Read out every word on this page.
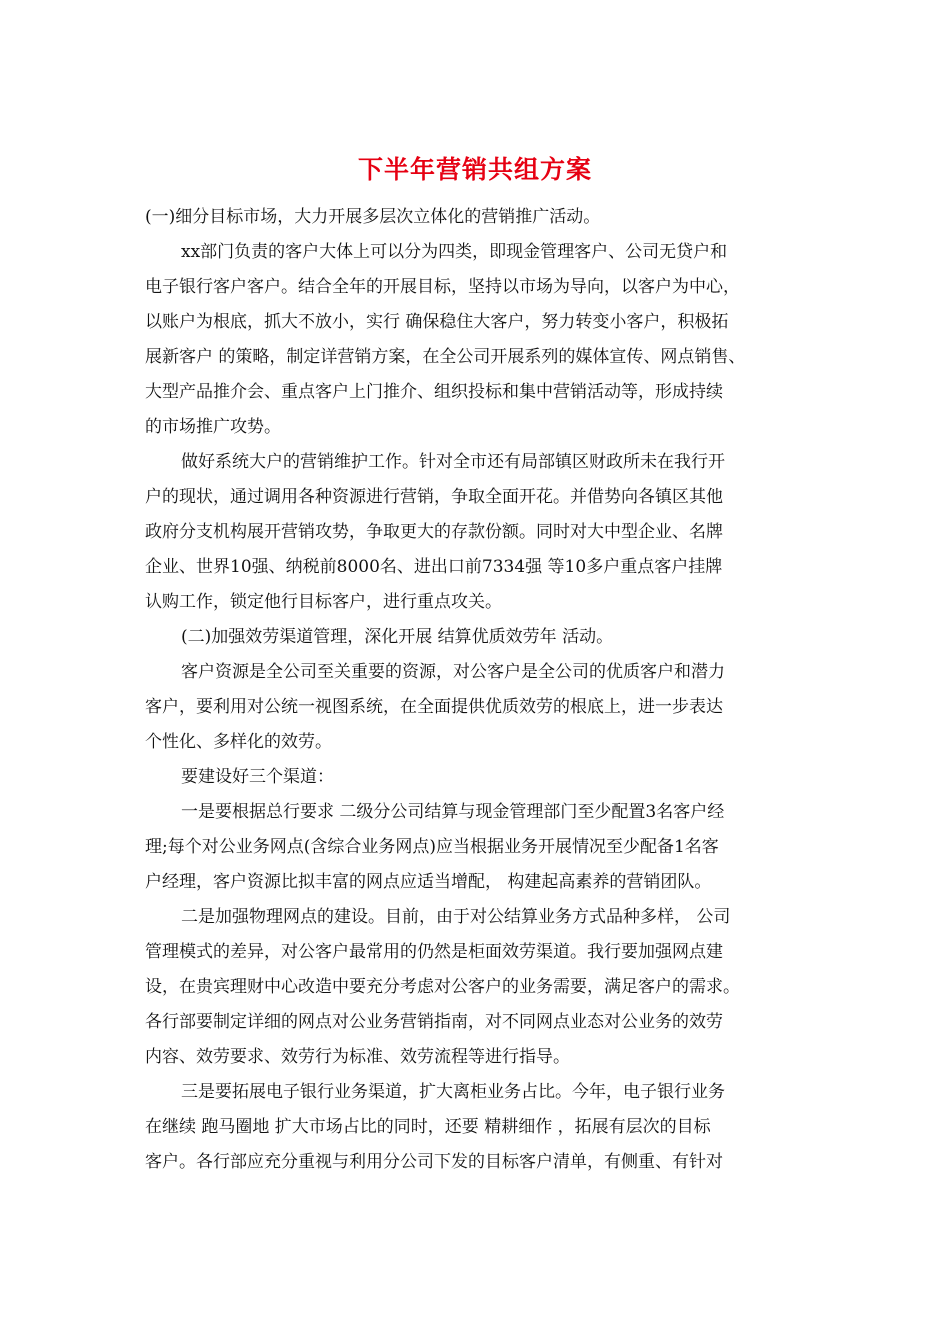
下半年营销共组方案
(一)细分目标市场，大力开展多层次立体化的营销推广活动。
xx部门负责的客户大体上可以分为四类，即现金管理客户、公司无贷户和
电子银行客户客户。结合全年的开展目标，坚持以市场为导向，以客户为中心，
以账户为根底，抓大不放小，实行 确保稳住大客户，努力转变小客户，积极拓
展新客户 的策略，制定详营销方案，在全公司开展系列的媒体宣传、网点销售、
大型产品推介会、重点客户上门推介、组织投标和集中营销活动等，形成持续
的市场推广攻势。
做好系统大户的营销维护工作。针对全市还有局部镇区财政所未在我行开
户的现状，通过调用各种资源进行营销，争取全面开花。并借势向各镇区其他
政府分支机构展开营销攻势，争取更大的存款份额。同时对大中型企业、名牌
企业、世界10强、纳税前8000名、进出口前7334强 等10多户重点客户挂牌
认购工作，锁定他行目标客户，进行重点攻关。
(二)加强效劳渠道管理，深化开展 结算优质效劳年 活动。
客户资源是全公司至关重要的资源，对公客户是全公司的优质客户和潜力
客户，要利用对公统一视图系统，在全面提供优质效劳的根底上，进一步表达
个性化、多样化的效劳。
要建设好三个渠道：
一是要根据总行要求 二级分公司结算与现金管理部门至少配置3名客户经
理;每个对公业务网点(含综合业务网点)应当根据业务开展情况至少配备1名客
户经理，客户资源比拟丰富的网点应适当增配， 构建起高素养的营销团队。
二是加强物理网点的建设。目前，由于对公结算业务方式品种多样， 公司
管理模式的差异，对公客户最常用的仍然是柜面效劳渠道。我行要加强网点建
设，在贵宾理财中心改造中要充分考虑对公客户的业务需要，满足客户的需求。
各行部要制定详细的网点对公业务营销指南，对不同网点业态对公业务的效劳
内容、效劳要求、效劳行为标准、效劳流程等进行指导。
三是要拓展电子银行业务渠道，扩大离柜业务占比。今年，电子银行业务
在继续 跑马圈地 扩大市场占比的同时，还要 精耕细作 ，拓展有层次的目标
客户。各行部应充分重视与利用分公司下发的目标客户清单，有侧重、有针对
